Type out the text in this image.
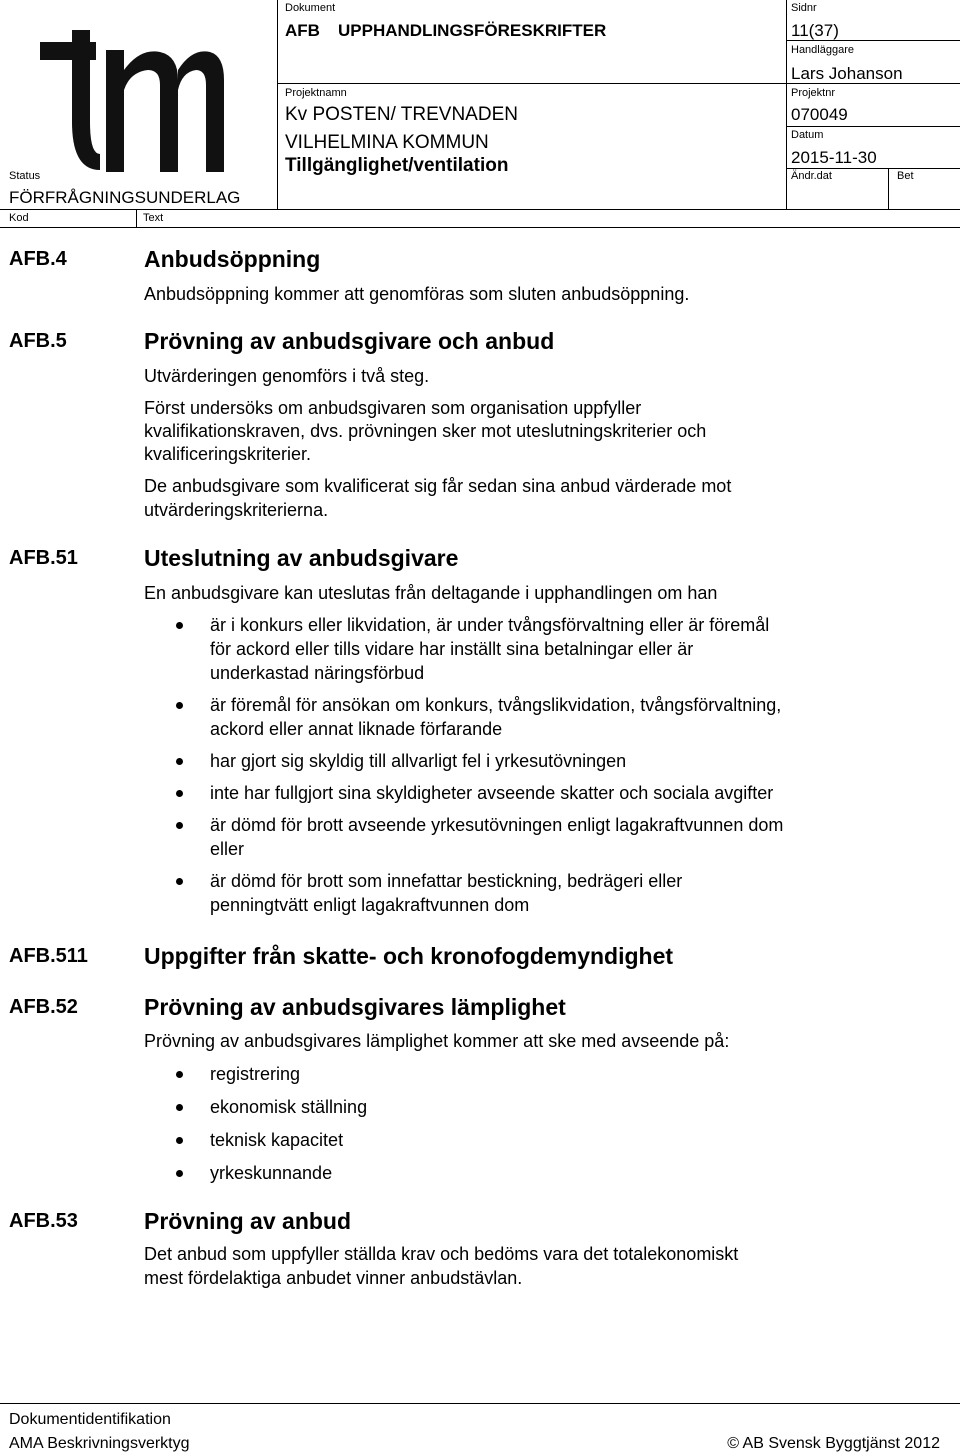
Status
FÖRFRÅGNINGSUNDERLAG
Kod	Text
Dokument
AFB UPPHANDLINGSFÖRESKRIFTER
Projektnamn
Kv POSTEN/ TREVNADEN
VILHELMINA KOMMUN
Tillgänglighet/ventilation
Sidnr
11(37)
Handläggare
Lars Johanson
Projektnr
070049
Datum
2015-11-30
Ändr.dat	Bet
AFB.4	Anbudsöppning
Anbudsöppning kommer att genomföras som sluten anbudsöppning.
AFB.5	Prövning av anbudsgivare och anbud
Utvärderingen genomförs i två steg.
Först undersöks om anbudsgivaren som organisation uppfyller
kvalifikationskraven, dvs. prövningen sker mot uteslutningskriterier och
kvalificeringskriterier.
De anbudsgivare som kvalificerat sig får sedan sina anbud värderade mot
utvärderingskriterierna.
AFB.51	Uteslutning av anbudsgivare
En anbudsgivare kan uteslutas från deltagande i upphandlingen om han
är i konkurs eller likvidation, är under tvångsförvaltning eller är föremål
för ackord eller tills vidare har inställt sina betalningar eller är
underkastad näringsförbud
är föremål för ansökan om konkurs, tvångslikvidation, tvångsförvaltning,
ackord eller annat liknade förfarande
har gjort sig skyldig till allvarligt fel i yrkesutövningen
inte har fullgjort sina skyldigheter avseende skatter och sociala avgifter
är dömd för brott avseende yrkesutövningen enligt lagakraftvunnen dom
eller
är dömd för brott som innefattar bestickning, bedrägeri eller
penningtvätt enligt lagakraftvunnen dom
AFB.511 Uppgifter från skatte- och kronofogdemyndighet
AFB.52	Prövning av anbudsgivares lämplighet
Prövning av anbudsgivares lämplighet kommer att ske med avseende på:
registrering
ekonomisk ställning
teknisk kapacitet
yrkeskunnande
AFB.53	Prövning av anbud
Det anbud som uppfyller ställda krav och bedöms vara det totalekonomiskt
mest fördelaktiga anbudet vinner anbudstävlan.
Dokumentidentifikation
AMA Beskrivningsverktyg	© AB Svensk Byggtjänst 2012
